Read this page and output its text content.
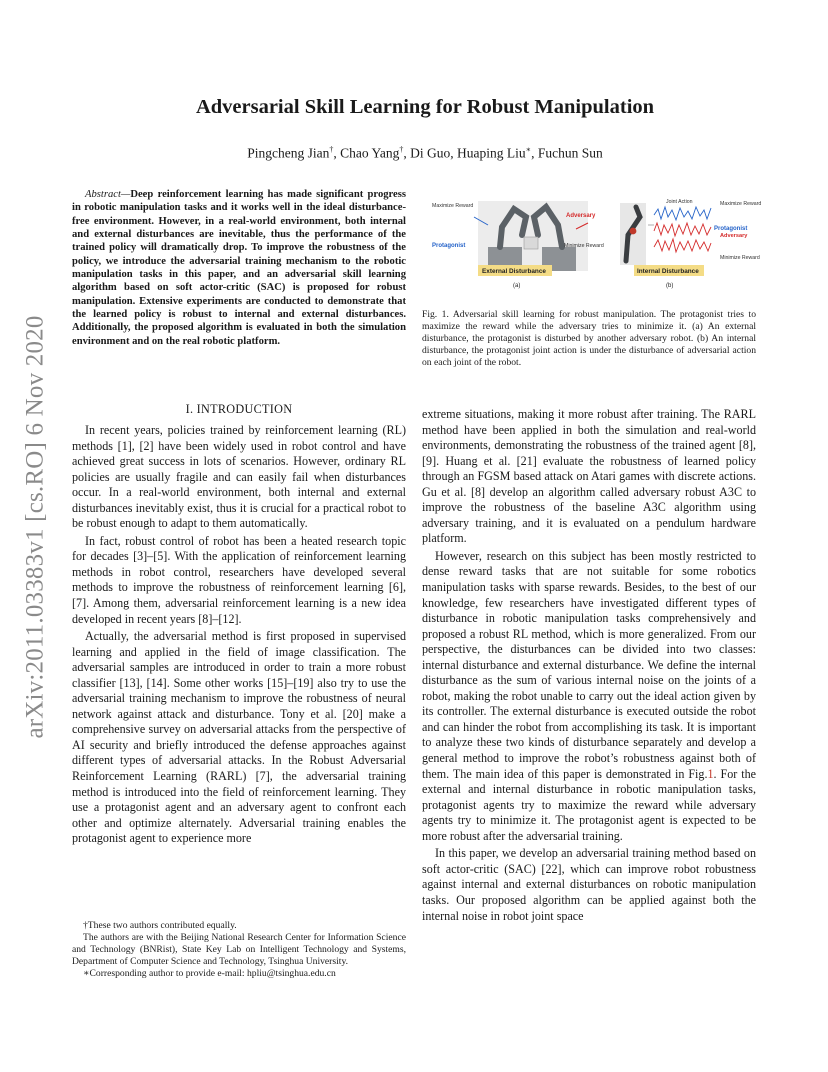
arXiv:2011.03383v1 [cs.RO] 6 Nov 2020
Adversarial Skill Learning for Robust Manipulation
Pingcheng Jian†, Chao Yang†, Di Guo, Huaping Liu∗, Fuchun Sun
Abstract—Deep reinforcement learning has made significant progress in robotic manipulation tasks and it works well in the ideal disturbance-free environment. However, in a real-world environment, both internal and external disturbances are inevitable, thus the performance of the trained policy will dramatically drop. To improve the robustness of the policy, we introduce the adversarial training mechanism to the robotic manipulation tasks in this paper, and an adversarial skill learning algorithm based on soft actor-critic (SAC) is proposed for robust manipulation. Extensive experiments are conducted to demonstrate that the learned policy is robust to internal and external disturbances. Additionally, the proposed algorithm is evaluated in both the simulation environment and on the real robotic platform.
I. INTRODUCTION

In recent years, policies trained by reinforcement learning (RL) methods [1], [2] have been widely used in robot control and have achieved great success in lots of scenarios. However, ordinary RL policies are usually fragile and can easily fail when disturbances occur. In a real-world environment, both internal and external disturbances inevitably exist, thus it is crucial for a practical robot to be robust enough to adapt to them automatically.

In fact, robust control of robot has been a heated research topic for decades [3]–[5]. With the application of reinforcement learning methods in robot control, researchers have developed several methods to improve the robustness of reinforcement learning [6], [7]. Among them, adversarial reinforcement learning is a new idea developed in recent years [8]–[12].

Actually, the adversarial method is first proposed in supervised learning and applied in the field of image classification. The adversarial samples are introduced in order to train a more robust classifier [13], [14]. Some other works [15]–[19] also try to use the adversarial training mechanism to improve the robustness of neural network against attack and disturbance. Tony et al. [20] make a comprehensive survey on adversarial attacks from the perspective of AI security and briefly introduced the defense approaches against different types of adversarial attacks. In the Robust Adversarial Reinforcement Learning (RARL) [7], the adversarial training method is introduced into the field of reinforcement learning. They use a protagonist agent and an adversary agent to confront each other and optimize alternately. Adversarial training enables the protagonist agent to experience more

†These two authors contributed equally.

The authors are with the Beijing National Research Center for Information Science and Technology (BNRist), State Key Lab on Intelligent Technology and Systems, Department of Computer Science and Technology, Tsinghua University.

∗Corresponding author to provide e-mail: hpliu@tsinghua.edu.cn

Maximize Reward
Protagonist
Adversary
Minimize Reward
External Disturbance
(a)
Joint Action	Maximize Reward
Protagonist
Adversary
Minimize Reward
Internal Disturbance
(b)
Fig. 1. Adversarial skill learning for robust manipulation. The protagonist tries to maximize the reward while the adversary tries to minimize it. (a) An external disturbance, the protagonist is disturbed by another adversary robot. (b) An internal disturbance, the protagonist joint action is under the disturbance of adversarial action on each joint of the robot.

extreme situations, making it more robust after training. The RARL method have been applied in both the simulation and real-world environments, demonstrating the robustness of the trained agent [8], [9]. Huang et al. [21] evaluate the robustness of learned policy through an FGSM based attack on Atari games with discrete actions. Gu et al. [8] develop an algorithm called adversary robust A3C to improve the robustness of the baseline A3C algorithm using adversary training, and it is evaluated on a pendulum hardware platform.

However, research on this subject has been mostly restricted to dense reward tasks that are not suitable for some robotics manipulation tasks with sparse rewards. Besides, to the best of our knowledge, few researchers have investigated different types of disturbance in robotic manipulation tasks comprehensively and proposed a robust RL method, which is more generalized. From our perspective, the disturbances can be divided into two classes: internal disturbance and external disturbance. We define the internal disturbance as the sum of various internal noise on the joints of a robot, making the robot unable to carry out the ideal action given by its controller. The external disturbance is executed outside the robot and can hinder the robot from accomplishing its task. It is important to analyze these two kinds of disturbance separately and develop a general method to improve the robot’s robustness against both of them. The main idea of this paper is demonstrated in Fig.1. For the external and internal disturbance in robotic manipulation tasks, protagonist agents try to maximize the reward while adversary agents try to minimize it. The protagonist agent is expected to be more robust after the adversarial training.

In this paper, we develop an adversarial training method based on soft actor-critic (SAC) [22], which can improve robot robustness against internal and external disturbances on robotic manipulation tasks. Our proposed algorithm can be applied against both the internal noise in robot joint space
